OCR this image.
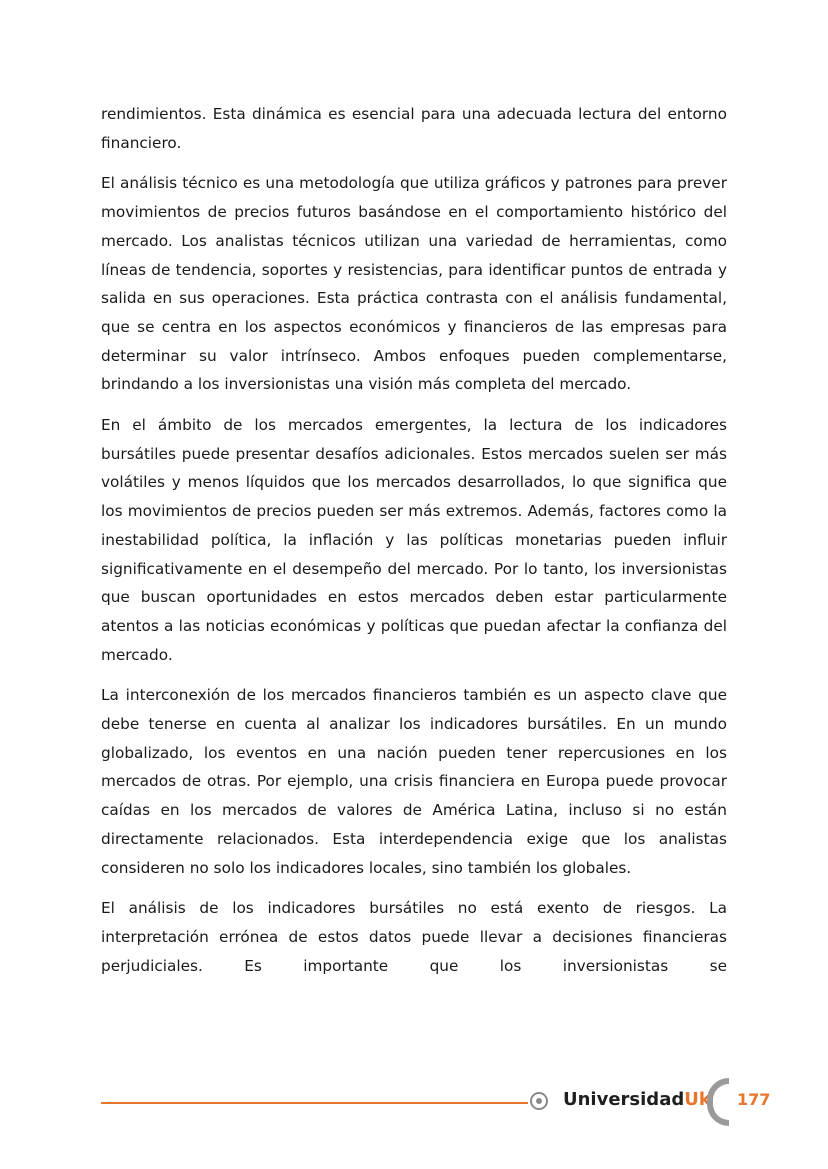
rendimientos. Esta dinámica es esencial para una adecuada lectura del entorno financiero.

El análisis técnico es una metodología que utiliza gráficos y patrones para prever movimientos de precios futuros basándose en el comportamiento histórico del mercado. Los analistas técnicos utilizan una variedad de herramientas, como líneas de tendencia, soportes y resistencias, para identificar puntos de entrada y salida en sus operaciones. Esta práctica contrasta con el análisis fundamental, que se centra en los aspectos económicos y financieros de las empresas para determinar su valor intrínseco. Ambos enfoques pueden complementarse, brindando a los inversionistas una visión más completa del mercado.

En el ámbito de los mercados emergentes, la lectura de los indicadores bursátiles puede presentar desafíos adicionales. Estos mercados suelen ser más volátiles y menos líquidos que los mercados desarrollados, lo que significa que los movimientos de precios pueden ser más extremos. Además, factores como la inestabilidad política, la inflación y las políticas monetarias pueden influir significativamente en el desempeño del mercado. Por lo tanto, los inversionistas que buscan oportunidades en estos mercados deben estar particularmente atentos a las noticias económicas y políticas que puedan afectar la confianza del mercado.

La interconexión de los mercados financieros también es un aspecto clave que debe tenerse en cuenta al analizar los indicadores bursátiles. En un mundo globalizado, los eventos en una nación pueden tener repercusiones en los mercados de otras. Por ejemplo, una crisis financiera en Europa puede provocar caídas en los mercados de valores de América Latina, incluso si no están directamente relacionados. Esta interdependencia exige que los analistas consideren no solo los indicadores locales, sino también los globales.

El análisis de los indicadores bursátiles no está exento de riesgos. La interpretación errónea de estos datos puede llevar a decisiones financieras perjudiciales. Es importante que los inversionistas se

UniversidadUk 177
